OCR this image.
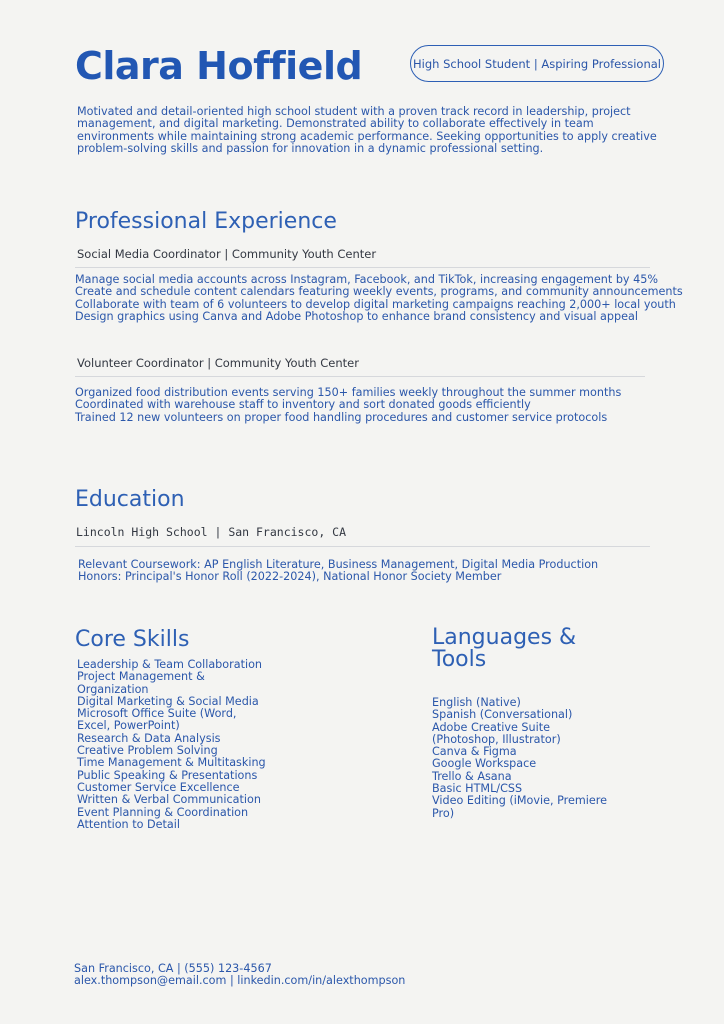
Clara Hoffield	High School Student | Aspiring Professional
Motivated and detail-oriented high school student with a proven track record in leadership, project management, and digital marketing. Demonstrated ability to collaborate effectively in team environments while maintaining strong academic performance. Seeking opportunities to apply creative problem-solving skills and passion for innovation in a dynamic professional setting.
Professional Experience
Social Media Coordinator | Community Youth Center
Manage social media accounts across Instagram, Facebook, and TikTok, increasing engagement by 45%
Create and schedule content calendars featuring weekly events, programs, and community announcements
Collaborate with team of 6 volunteers to develop digital marketing campaigns reaching 2,000+ local youth
Design graphics using Canva and Adobe Photoshop to enhance brand consistency and visual appeal
Volunteer Coordinator | Community Youth Center
Organized food distribution events serving 150+ families weekly throughout the summer months
Coordinated with warehouse staff to inventory and sort donated goods efficiently
Trained 12 new volunteers on proper food handling procedures and customer service protocols
Education
Lincoln High School | San Francisco, CA
Relevant Coursework: AP English Literature, Business Management, Digital Media Production
Honors: Principal's Honor Roll (2022-2024), National Honor Society Member
Core Skills
Leadership & Team Collaboration
Project Management & Organization
Digital Marketing & Social Media
Microsoft Office Suite (Word, Excel, PowerPoint)
Research & Data Analysis
Creative Problem Solving
Time Management & Multitasking
Public Speaking & Presentations
Customer Service Excellence
Written & Verbal Communication
Event Planning & Coordination
Attention to Detail
Languages & Tools
English (Native)
Spanish (Conversational)
Adobe Creative Suite (Photoshop, Illustrator)
Canva & Figma
Google Workspace
Trello & Asana
Basic HTML/CSS
Video Editing (iMovie, Premiere Pro)
San Francisco, CA | (555) 123-4567
alex.thompson@email.com | linkedin.com/in/alexthompson
